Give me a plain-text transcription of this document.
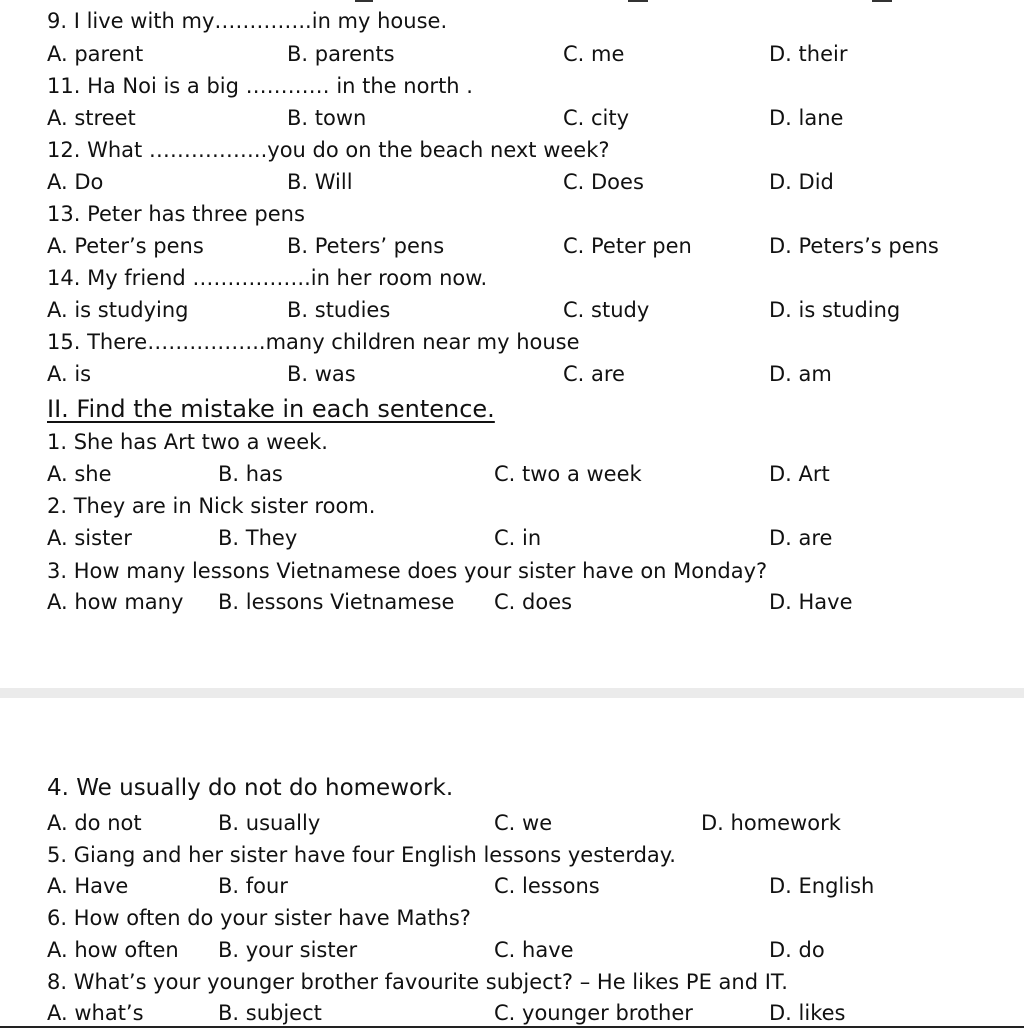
9. I live with my…………..in my house.
A. parent	B. parents	C. me	D. their
11. Ha Noi is a big ………… in the north .
A. street	B. town	C. city	D. lane
12. What ……………..you do on the beach next week?
A. Do	B. Will	C. Does	D. Did
13. Peter has three pens
A. Peter’s pens	B. Peters’ pens	C. Peter pen	D. Peters’s pens
14. My friend ……………..in her room now.
A. is studying	B. studies	C. study	D. is studing
15. There……………..many children near my house
A. is	B. was	C. are	D. am
II. Find the mistake in each sentence.
1. She has Art two a week.
A. she	B. has	C. two a week	D. Art
2. They are in Nick sister room.
A. sister	B. They	C. in	D. are
3. How many lessons Vietnamese does your sister have on Monday?
A. how many B. lessons Vietnamese C. does	D. Have
4. We usually do not do homework.
A. do not	B. usually	C. we	D. homework
5. Giang and her sister have four English lessons yesterday.
A. Have	B. four	C. lessons	D. English
6. How often do your sister have Maths?
A. how often B. your sister	C. have	D. do
8. What’s your younger brother favourite subject? – He likes PE and IT.
A. what’s	B. subject	C. younger brother	D. likes
